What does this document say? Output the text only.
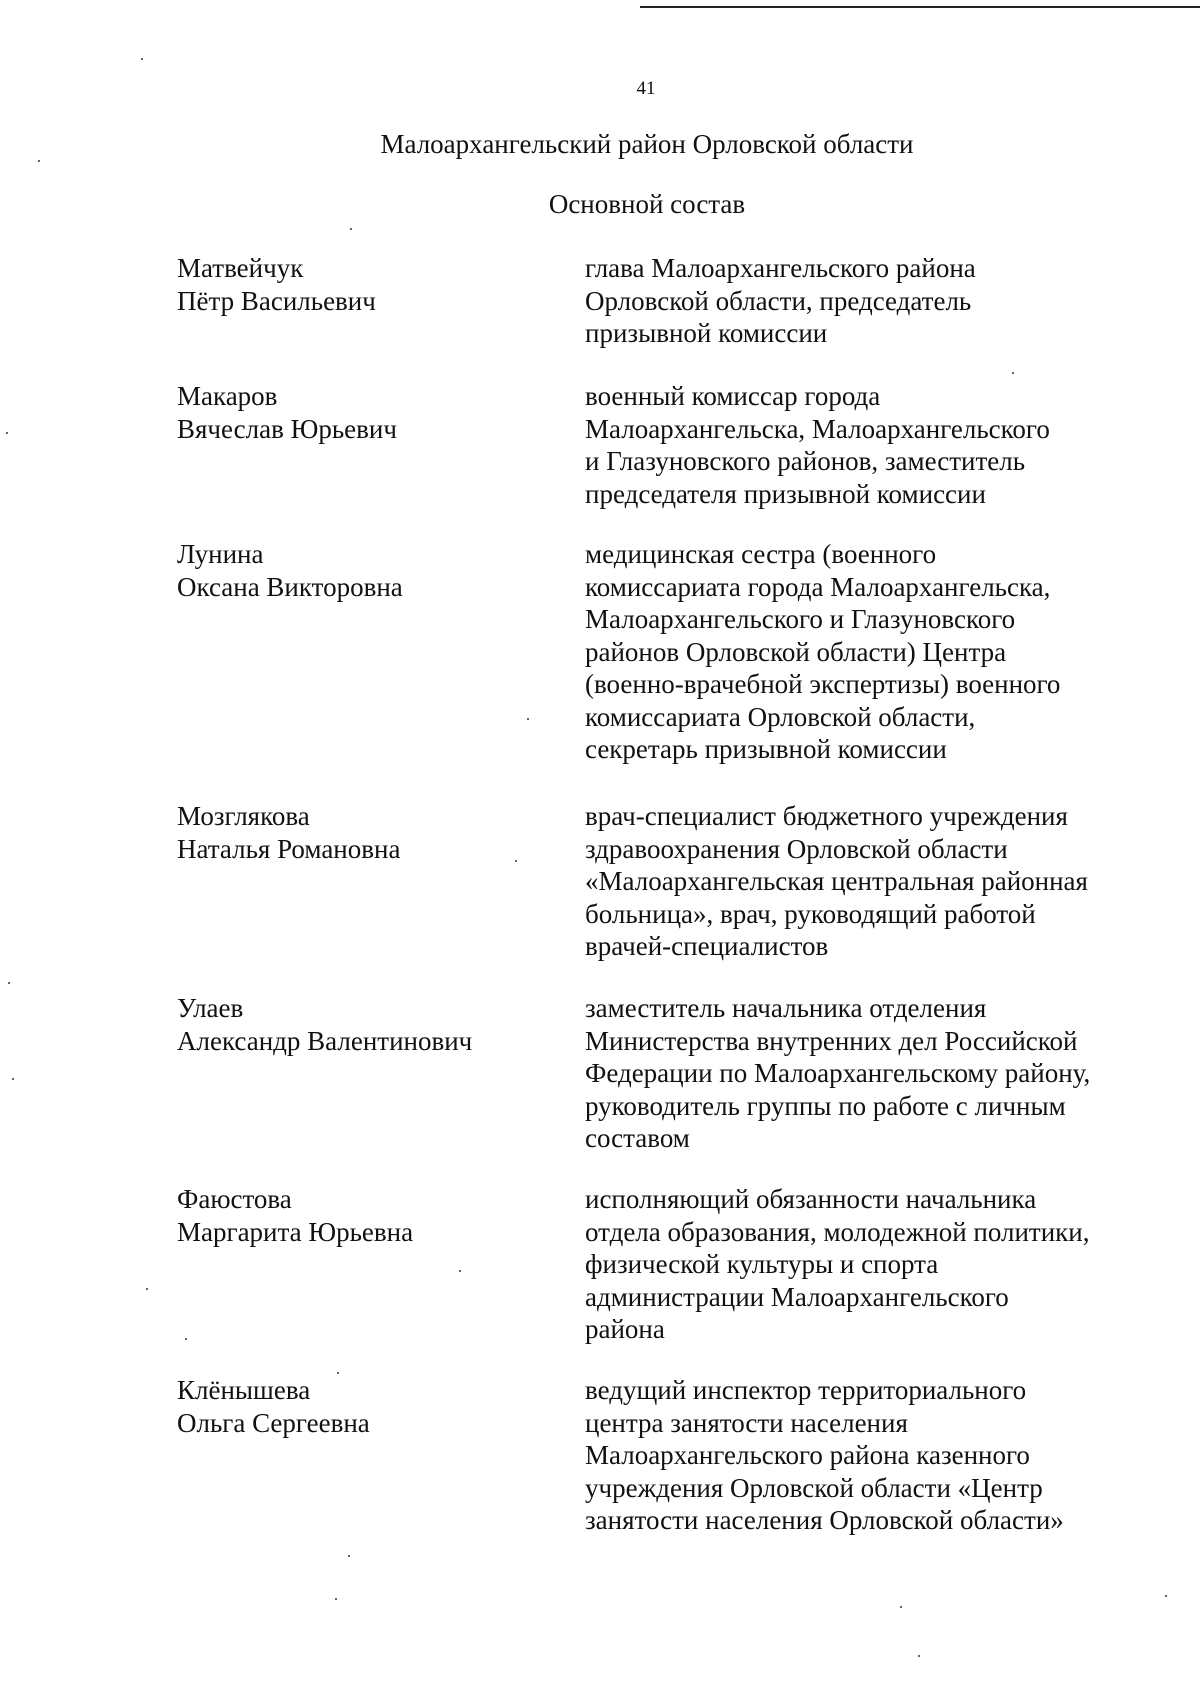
41
Малоархангельский район Орловской области
Основной состав
Матвейчук
Пётр Васильевич
глава Малоархангельского района
Орловской области, председатель
призывной комиссии
Макаров
Вячеслав Юрьевич
военный комиссар города
Малоархангельска, Малоархангельского
и Глазуновского районов, заместитель
председателя призывной комиссии
Лунина
Оксана Викторовна
медицинская сестра (военного
комиссариата города Малоархангельска,
Малоархангельского и Глазуновского
районов Орловской области) Центра
(военно-врачебной экспертизы) военного
комиссариата Орловской области,
секретарь призывной комиссии
Мозглякова
Наталья Романовна
врач-специалист бюджетного учреждения
здравоохранения Орловской области
«Малоархангельская центральная районная
больница», врач, руководящий работой
врачей-специалистов
Улаев
Александр Валентинович
заместитель начальника отделения
Министерства внутренних дел Российской
Федерации по Малоархангельскому району,
руководитель группы по работе с личным
составом
Фаюстова
Маргарита Юрьевна
исполняющий обязанности начальника
отдела образования, молодежной политики,
физической культуры и спорта
администрации Малоархангельского
района
Клёнышева
Ольга Сергеевна
ведущий инспектор территориального
центра занятости населения
Малоархангельского района казенного
учреждения Орловской области «Центр
занятости населения Орловской области»
